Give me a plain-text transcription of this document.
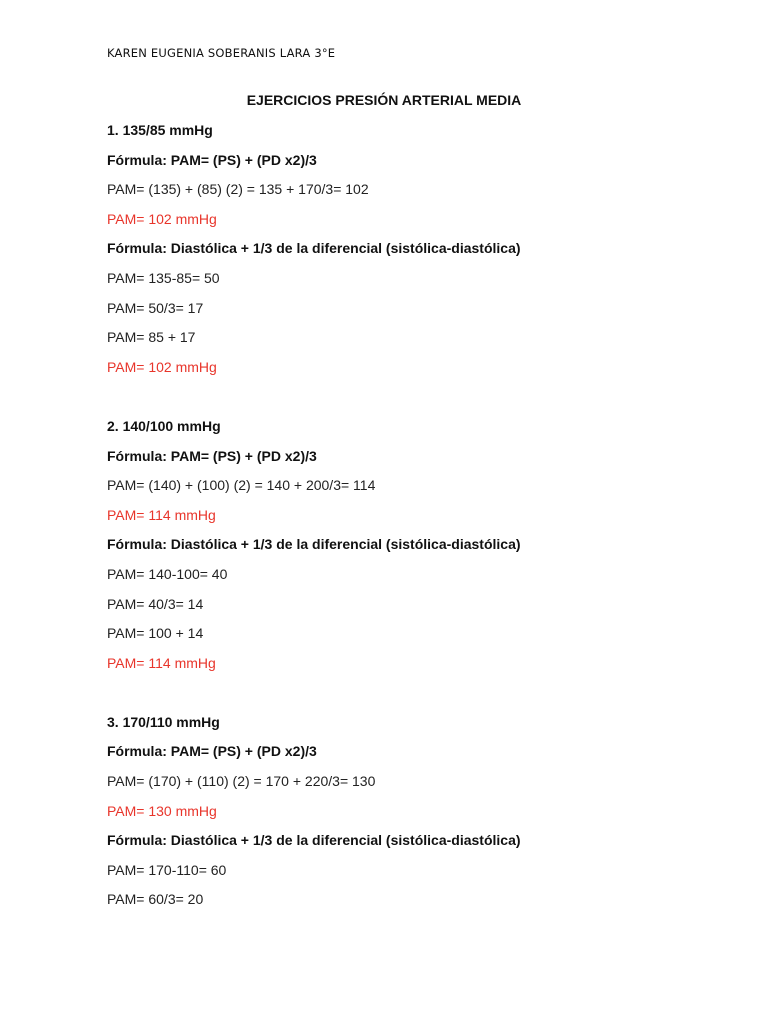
KAREN EUGENIA SOBERANIS LARA 3°E
EJERCICIOS PRESIÓN ARTERIAL MEDIA
1. 135/85 mmHg
Fórmula: PAM= (PS) + (PD x2)/3
PAM= (135) + (85) (2) = 135 + 170/3= 102
PAM= 102 mmHg
Fórmula: Diastólica + 1/3 de la diferencial (sistólica-diastólica)
PAM= 135-85= 50
PAM= 50/3= 17
PAM= 85 + 17
PAM= 102 mmHg
2. 140/100 mmHg
Fórmula: PAM= (PS) + (PD x2)/3
PAM= (140) + (100) (2) = 140 + 200/3= 114
PAM= 114 mmHg
Fórmula: Diastólica + 1/3 de la diferencial (sistólica-diastólica)
PAM= 140-100= 40
PAM= 40/3= 14
PAM= 100 + 14
PAM= 114 mmHg
3. 170/110 mmHg
Fórmula: PAM= (PS) + (PD x2)/3
PAM= (170) + (110) (2) = 170 + 220/3= 130
PAM= 130 mmHg
Fórmula: Diastólica + 1/3 de la diferencial (sistólica-diastólica)
PAM= 170-110= 60
PAM= 60/3= 20
